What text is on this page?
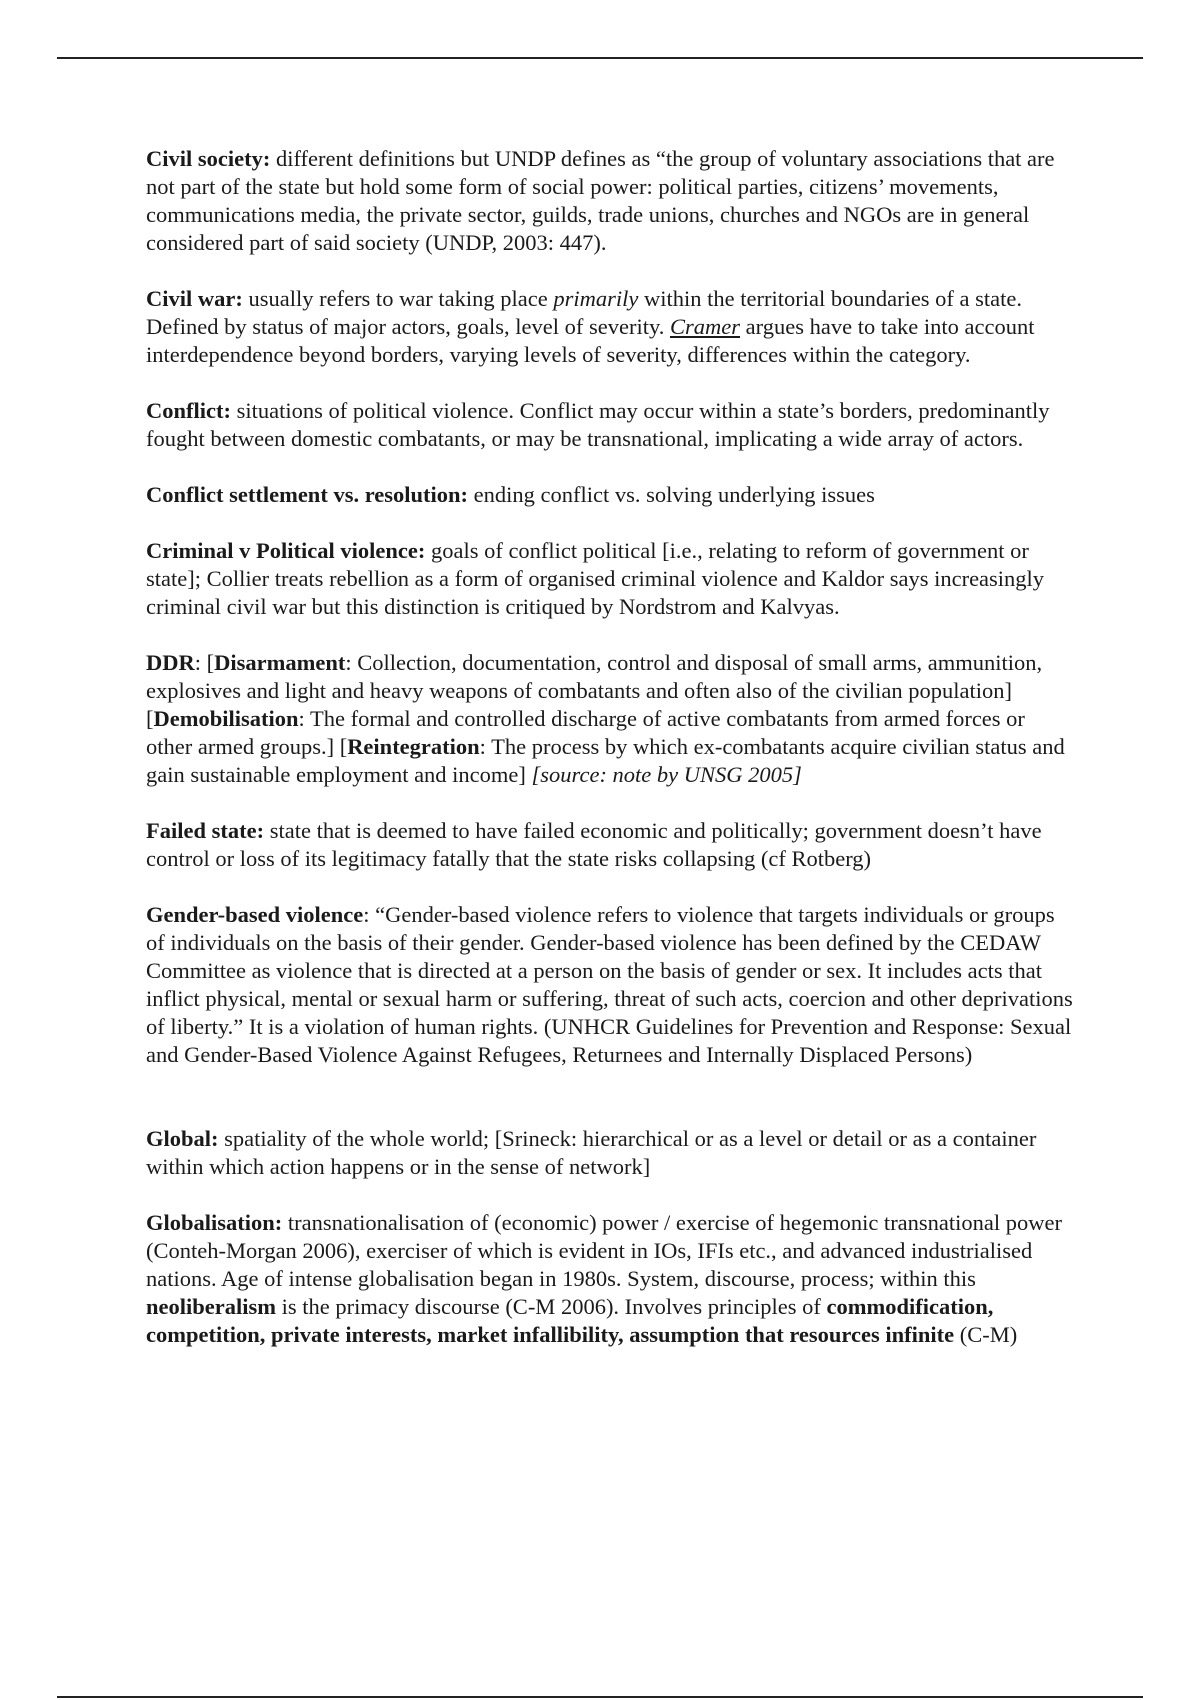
Civil society: different definitions but UNDP defines as “the group of voluntary associations that are not part of the state but hold some form of social power: political parties, citizens’ movements, communications media, the private sector, guilds, trade unions, churches and NGOs are in general considered part of said society (UNDP, 2003: 447).

Civil war: usually refers to war taking place primarily within the territorial boundaries of a state. Defined by status of major actors, goals, level of severity. Cramer argues have to take into account interdependence beyond borders, varying levels of severity, differences within the category.

Conflict: situations of political violence. Conflict may occur within a state’s borders, predominantly fought between domestic combatants, or may be transnational, implicating a wide array of actors.

Conflict settlement vs. resolution: ending conflict vs. solving underlying issues

Criminal v Political violence: goals of conflict political [i.e., relating to reform of government or state]; Collier treats rebellion as a form of organised criminal violence and Kaldor says increasingly criminal civil war but this distinction is critiqued by Nordstrom and Kalvyas.

DDR: [Disarmament: Collection, documentation, control and disposal of small arms, ammunition, explosives and light and heavy weapons of combatants and often also of the civilian population] [Demobilisation: The formal and controlled discharge of active combatants from armed forces or other armed groups.] [Reintegration: The process by which ex-combatants acquire civilian status and gain sustainable employment and income] [source: note by UNSG 2005]

Failed state: state that is deemed to have failed economic and politically; government doesn’t have control or loss of its legitimacy fatally that the state risks collapsing (cf Rotberg)

Gender-based violence: “Gender-based violence refers to violence that targets individuals or groups of individuals on the basis of their gender. Gender-based violence has been defined by the CEDAW Committee as violence that is directed at a person on the basis of gender or sex. It includes acts that inflict physical, mental or sexual harm or suffering, threat of such acts, coercion and other deprivations of liberty.” It is a violation of human rights. (UNHCR Guidelines for Prevention and Response: Sexual and Gender-Based Violence Against Refugees, Returnees and Internally Displaced Persons)

Global: spatiality of the whole world; [Srineck: hierarchical or as a level or detail or as a container within which action happens or in the sense of network]

Globalisation: transnationalisation of (economic) power / exercise of hegemonic transnational power (Conteh-Morgan 2006), exerciser of which is evident in IOs, IFIs etc., and advanced industrialised nations. Age of intense globalisation began in 1980s. System, discourse, process; within this neoliberalism is the primacy discourse (C-M 2006). Involves principles of commodification, competition, private interests, market infallibility, assumption that resources infinite (C-M)
